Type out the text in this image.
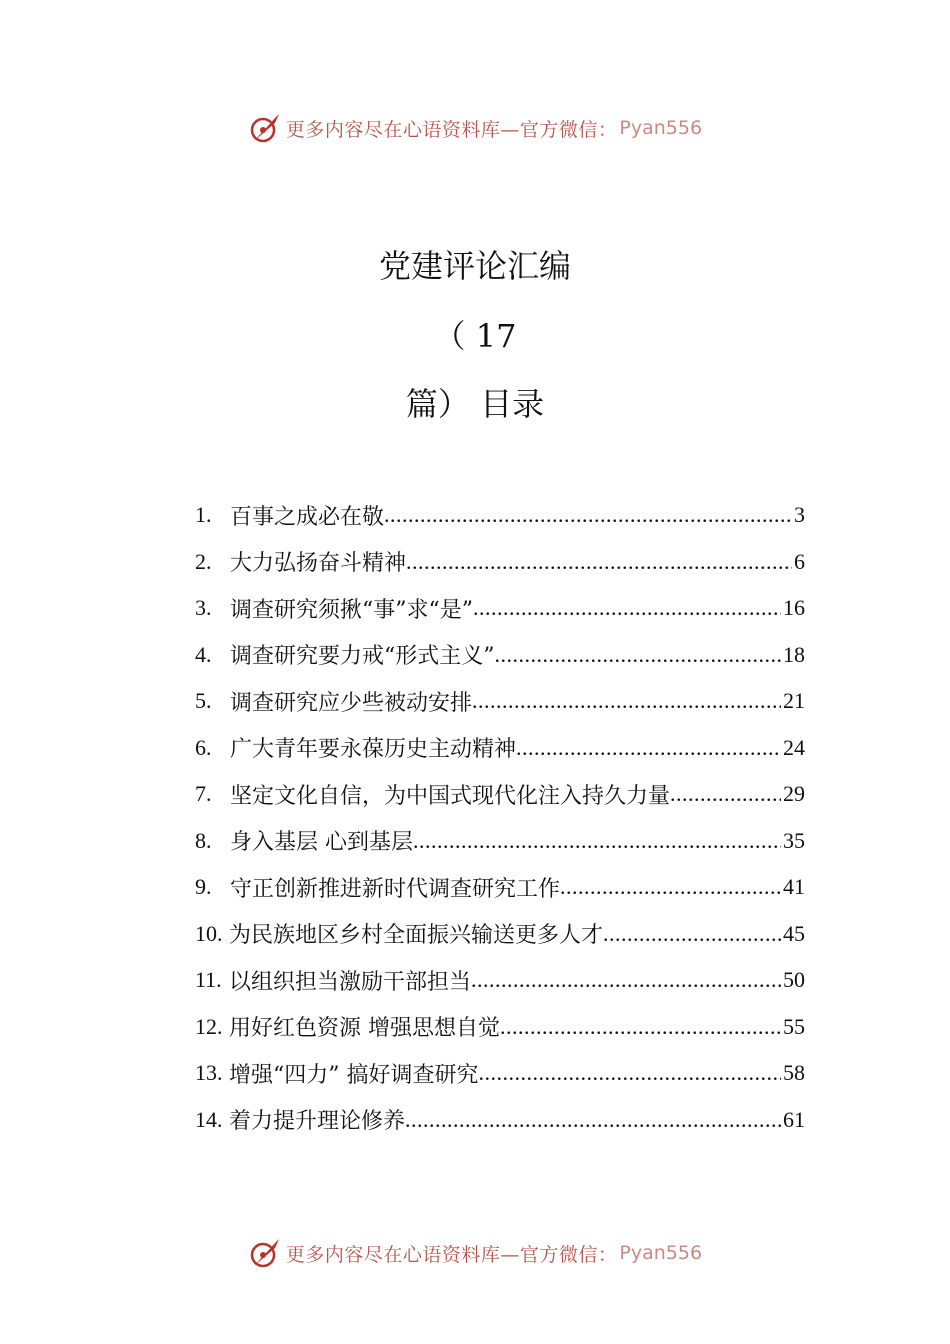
更多内容尽在心语资料库—官方微信： Pyan556
党建评论汇编
（ 17
篇） 目录
1. 百事之成必在敬 .....	3
2. 大力弘扬奋斗精神 .....	6
3. 调查研究须揪“事”求“是” .....	16
4. 调查研究要力戒“形式主义” .....	18
5. 调查研究应少些被动安排 .....	21
6. 广大青年要永葆历史主动精神 .....	24
7. 坚定文化自信，为中国式现代化注入持久力量 .....	29
8. 身入基层 心到基层 .....	35
9. 守正创新推进新时代调查研究工作 .....	41
10. 为民族地区乡村全面振兴输送更多人才 .....	45
11. 以组织担当激励干部担当 .....	50
12. 用好红色资源 增强思想自觉 .....	55
13. 增强“四力” 搞好调查研究 .....	58
14. 着力提升理论修养 .....	61
更多内容尽在心语资料库—官方微信： Pyan556
